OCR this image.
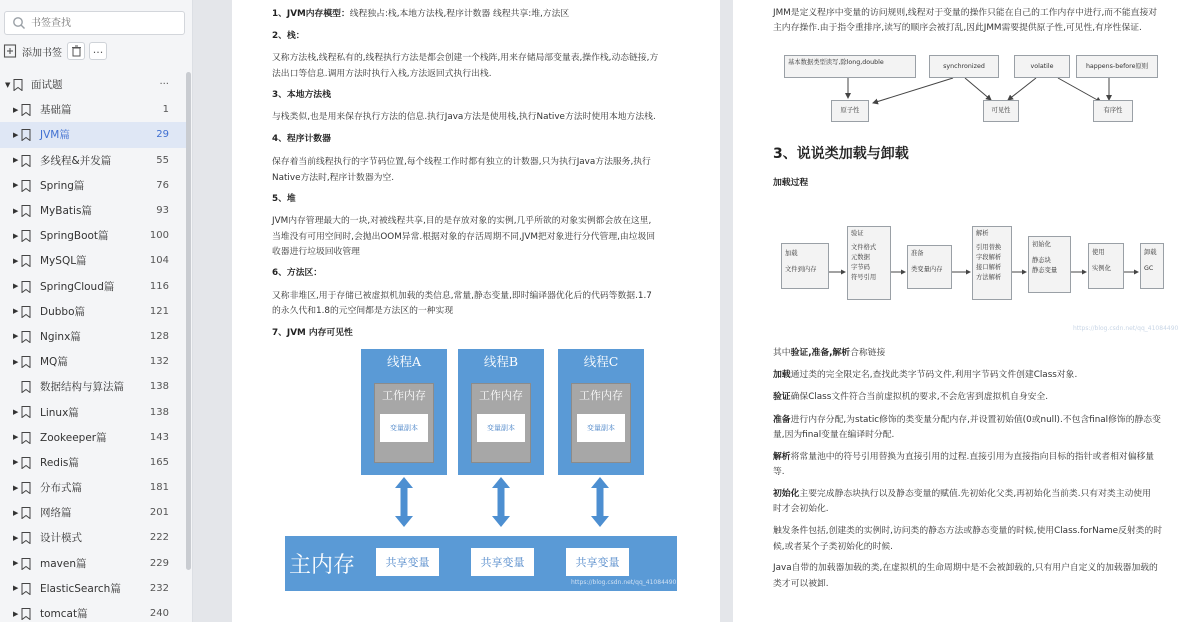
书签查找
添加书签	...
▼ 面试题	...
▶ 基础篇	1
▶ JVM篇	29
▶ 多线程&并发篇	55
▶ Spring篇	76
▶ MyBatis篇	93
▶ SpringBoot篇	100
▶ MySQL篇	104
▶ SpringCloud篇	116
▶ Dubbo篇	121
▶ Nginx篇	128
▶ MQ篇	132
数据结构与算法篇	138
▶ Linux篇	138
▶ Zookeeper篇	143
▶ Redis篇	165
▶ 分布式篇	181
▶ 网络篇	201
▶ 设计模式	222
▶ maven篇	229
▶ ElasticSearch篇	232
▶ tomcat篇	240
1、JVM内存模型：线程独占:栈,本地方法栈,程序计数器 线程共享:堆,方法区
2、栈：
又称方法栈,线程私有的,线程执行方法是都会创建一个栈阵,用来存储局部变量表,操作栈,动态链接,方
法出口等信息.调用方法时执行入栈,方法返回式执行出栈.
3、本地方法栈
与栈类似,也是用来保存执行方法的信息.执行Java方法是使用栈,执行Native方法时使用本地方法栈.
4、程序计数器
保存着当前线程执行的字节码位置,每个线程工作时都有独立的计数器,只为执行Java方法服务,执行
Native方法时,程序计数器为空.
5、堆
JVM内存管理最大的一块,对被线程共享,目的是存放对象的实例,几乎所欲的对象实例都会放在这里,
当堆没有可用空间时,会抛出OOM异常.根据对象的存活周期不同,JVM把对象进行分代管理,由垃圾回
收器进行垃圾回收管理
6、方法区：
又称非堆区,用于存储已被虚拟机加载的类信息,常量,静态变量,即时编译器优化后的代码等数据.1.7
的永久代和1.8的元空间都是方法区的一种实现
7、JVM 内存可见性
线程A
工作内存
变量副本
线程B
工作内存
变量副本
线程C
工作内存
变量副本
主内存	共享变量	共享变量	共享变量
https://blog.csdn.net/qq_41084490
JMM是定义程序中变量的访问规则,线程对于变量的操作只能在自己的工作内存中进行,而不能直接对
主内存操作.由于指令重排序,读写的顺序会被打乱,因此JMM需要提供原子性,可见性,有序性保证.
基本数据类型读写,除long,double	synchronized	volatile	happens-before原则
原子性	可见性	有序性
3、说说类加载与卸载
加载过程
加载
文件到内存
验证
文件格式
元数据
字节码
符号引用
准备
类变量内存
解析
引用替换
字段解析
接口解析
方法解析
初始化
静态块
静态变量
使用
实例化
卸载
GC
https://blog.csdn.net/qq_41084490
其中验证,准备,解析合称链接
加载通过类的完全限定名,查找此类字节码文件,利用字节码文件创建Class对象.
验证确保Class文件符合当前虚拟机的要求,不会危害到虚拟机自身安全.
准备进行内存分配,为static修饰的类变量分配内存,并设置初始值(0或null).不包含final修饰的静态变
量,因为final变量在编译时分配.
解析将常量池中的符号引用替换为直接引用的过程.直接引用为直接指向目标的指针或者相对偏移量
等.
初始化主要完成静态块执行以及静态变量的赋值.先初始化父类,再初始化当前类.只有对类主动使用
时才会初始化.
触发条件包括,创建类的实例时,访问类的静态方法或静态变量的时候,使用Class.forName反射类的时
候,或者某个子类初始化的时候.
Java自带的加载器加载的类,在虚拟机的生命周期中是不会被卸载的,只有用户自定义的加载器加载的
类才可以被卸.
